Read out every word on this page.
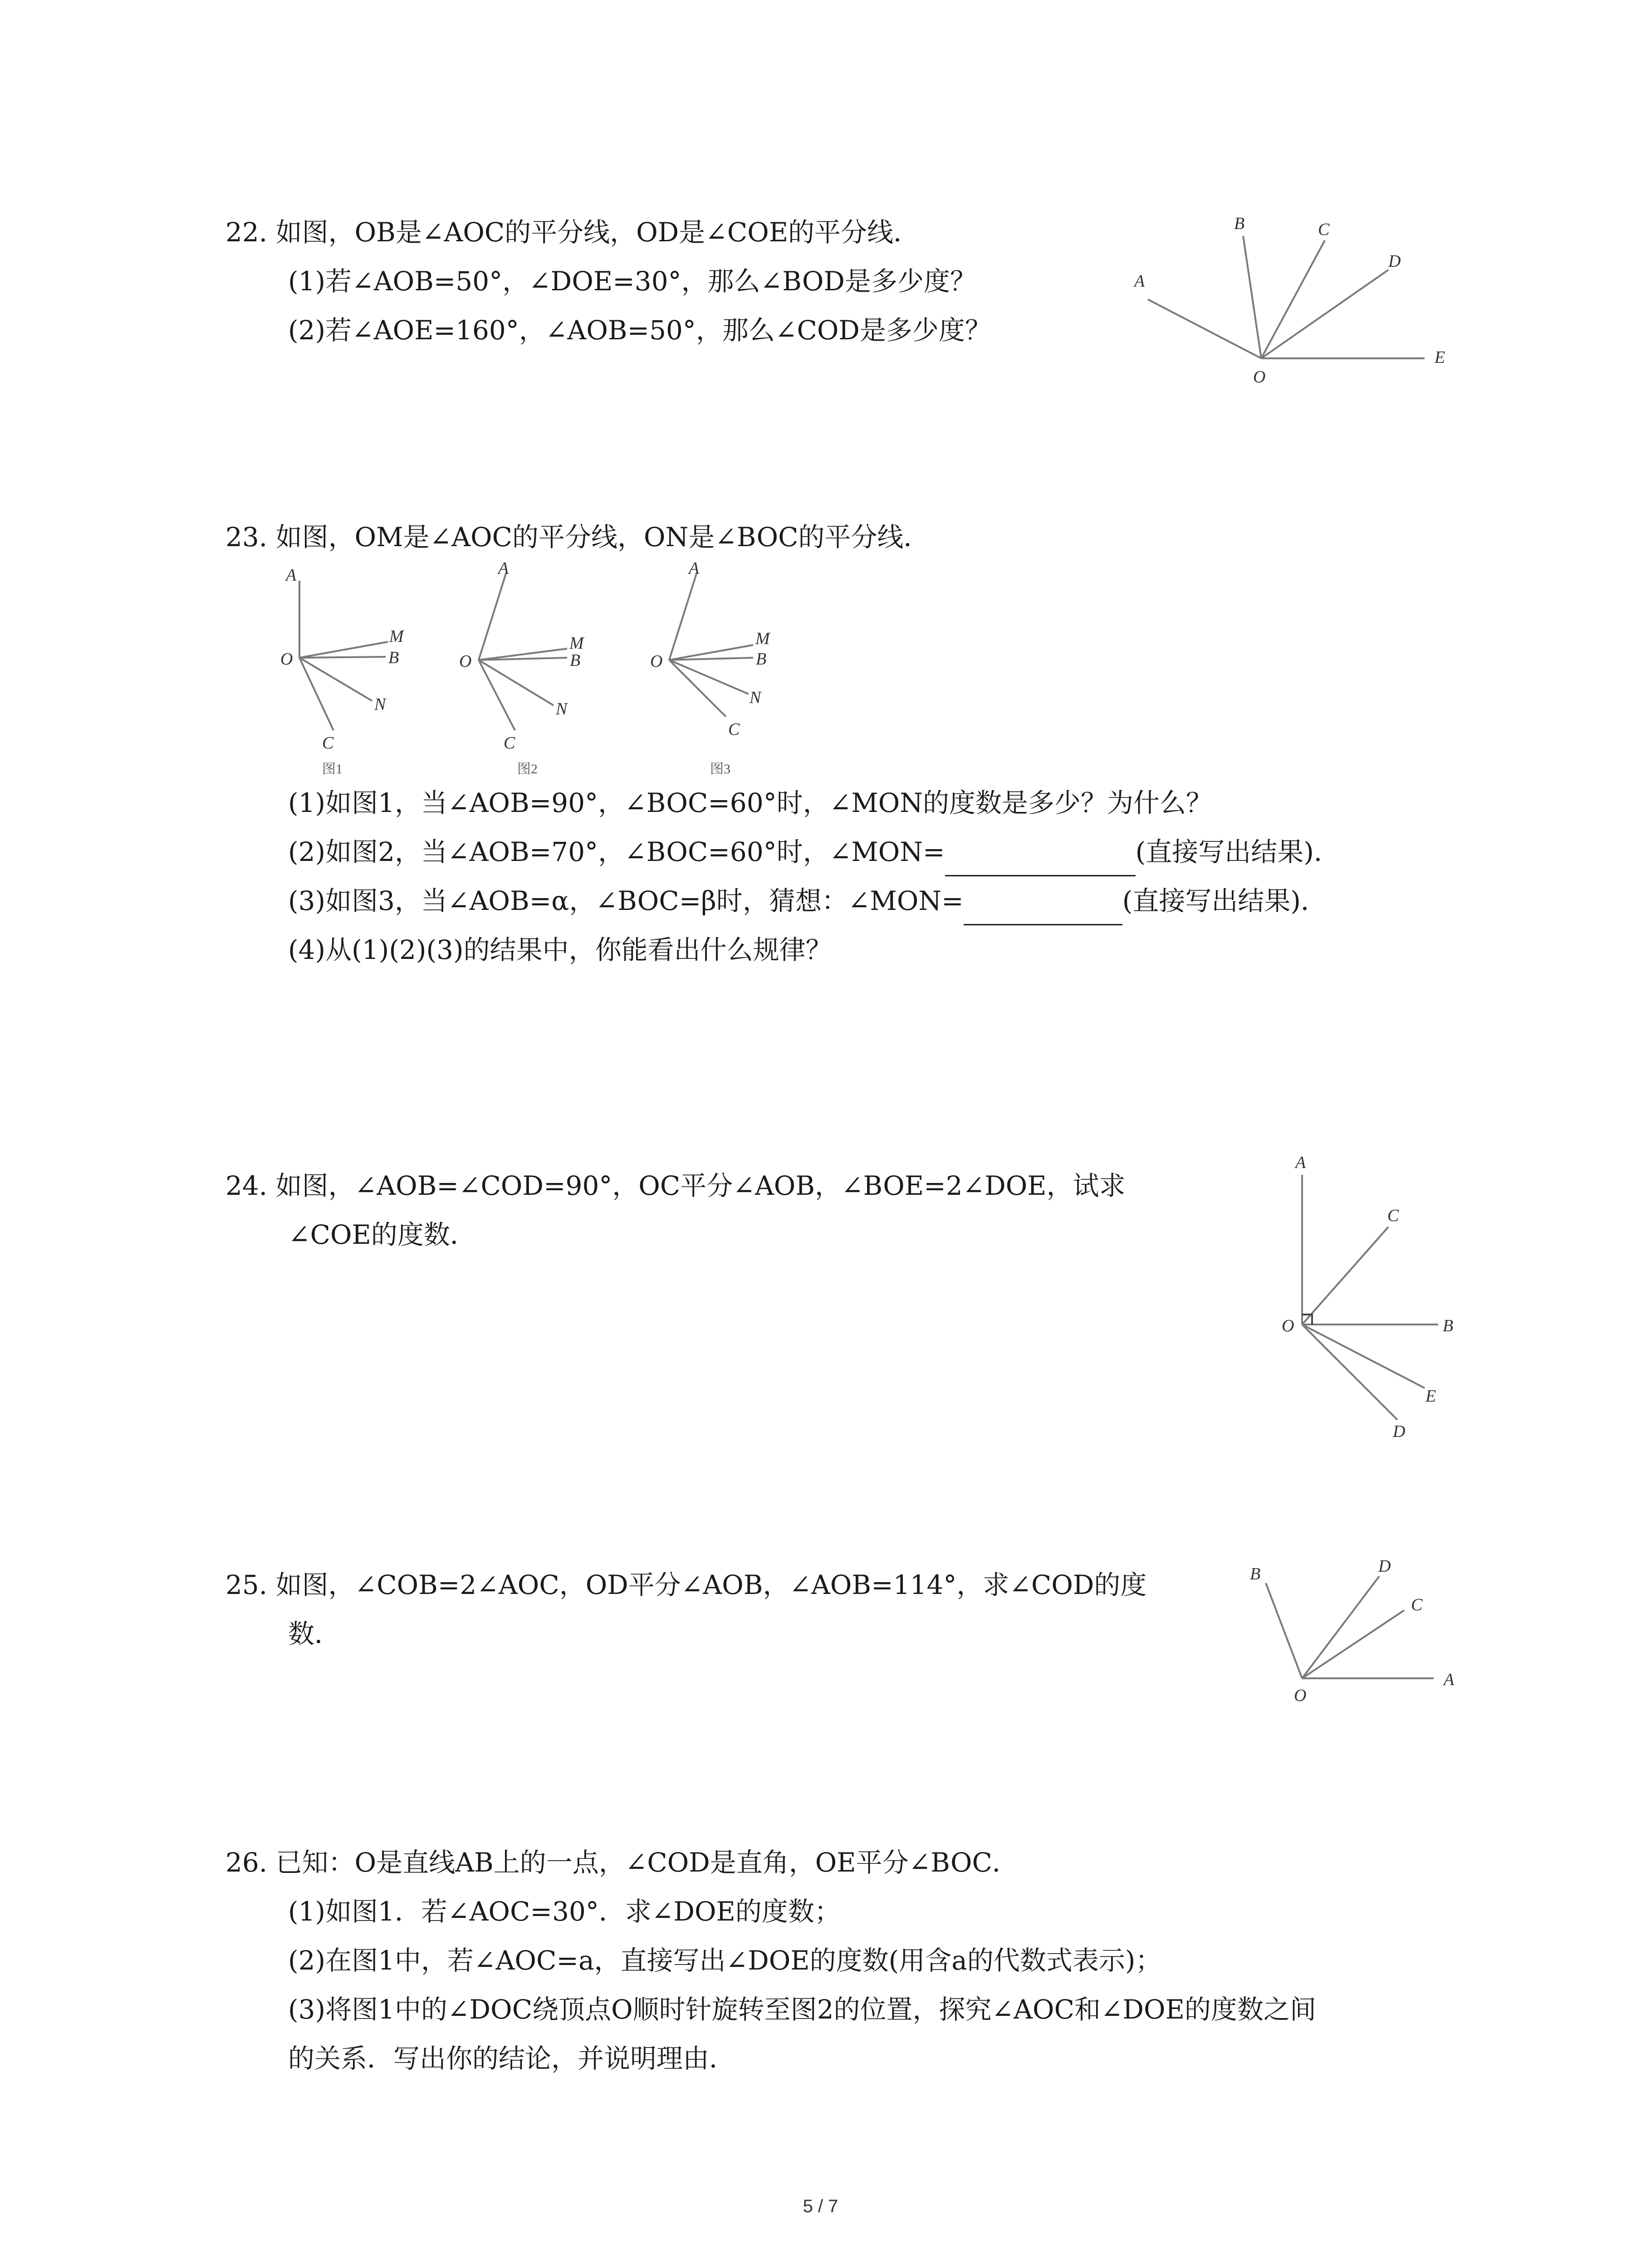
22. 如图，OB是∠AOC的平分线，OD是∠COE的平分线．
(1)若∠AOB=50°，∠DOE=30°，那么∠BOD是多少度？
(2)若∠AOE=160°，∠AOB=50°，那么∠COD是多少度？
A
B	C
D
E
O
23. 如图，OM是∠AOC的平分线，ON是∠BOC的平分线．
A
M
B
O
N
C
图1
A
M
B
O
N
C
图2
A
M
B
O
N
C
图3
(1)如图1，当∠AOB=90°，∠BOC=60°时，∠MON的度数是多少？为什么？
(2)如图2，当∠AOB=70°，∠BOC=60°时，∠MON=	(直接写出结果)．
(3)如图3，当∠AOB=α，∠BOC=β时，猜想：∠MON=	(直接写出结果)．
(4)从(1)(2)(3)的结果中，你能看出什么规律？
24. 如图，∠AOB=∠COD=90°，OC平分∠AOB，∠BOE=2∠DOE，试求
∠COE的度数．
A
C
O	B
E
D
25. 如图，∠COB=2∠AOC，OD平分∠AOB，∠AOB=114°，求∠COD的度
数．
B	D
C
O
A
26. 已知：O是直线AB上的一点，∠COD是直角，OE平分∠BOC．
(1)如图1．若∠AOC=30°．求∠DOE的度数；
(2)在图1中，若∠AOC=a，直接写出∠DOE的度数(用含a的代数式表示)；
(3)将图1中的∠DOC绕顶点O顺时针旋转至图2的位置，探究∠AOC和∠DOE的度数之间
的关系．写出你的结论，并说明理由．
5 / 7
